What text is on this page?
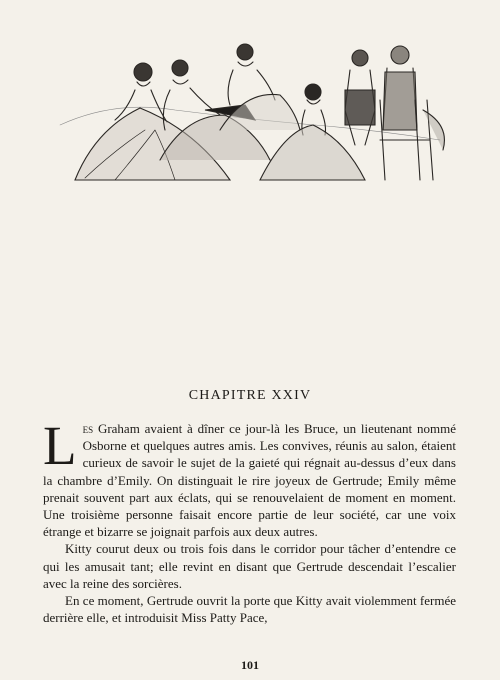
CHAPITRE XXIV

Les Graham avaient à dîner ce jour-là les Bruce, un lieutenant nommé Osborne et quelques autres amis. Les convives, réunis au salon, étaient curieux de savoir le sujet de la gaieté qui régnait au-dessus d’eux dans la chambre d’Emily. On distinguait le rire joyeux de Gertrude; Emily même prenait souvent part aux éclats, qui se renouvelaient de moment en moment. Une troisième personne faisait encore partie de leur société, car une voix étrange et bizarre se joignait parfois aux deux autres.

Kitty courut deux ou trois fois dans le corridor pour tâcher d’entendre ce qui les amusait tant; elle revint en disant que Gertrude descendait l’escalier avec la reine des sorcières.

En ce moment, Gertrude ouvrit la porte que Kitty avait violemment fermée derrière elle, et introduisit Miss Patty Pace,

101
